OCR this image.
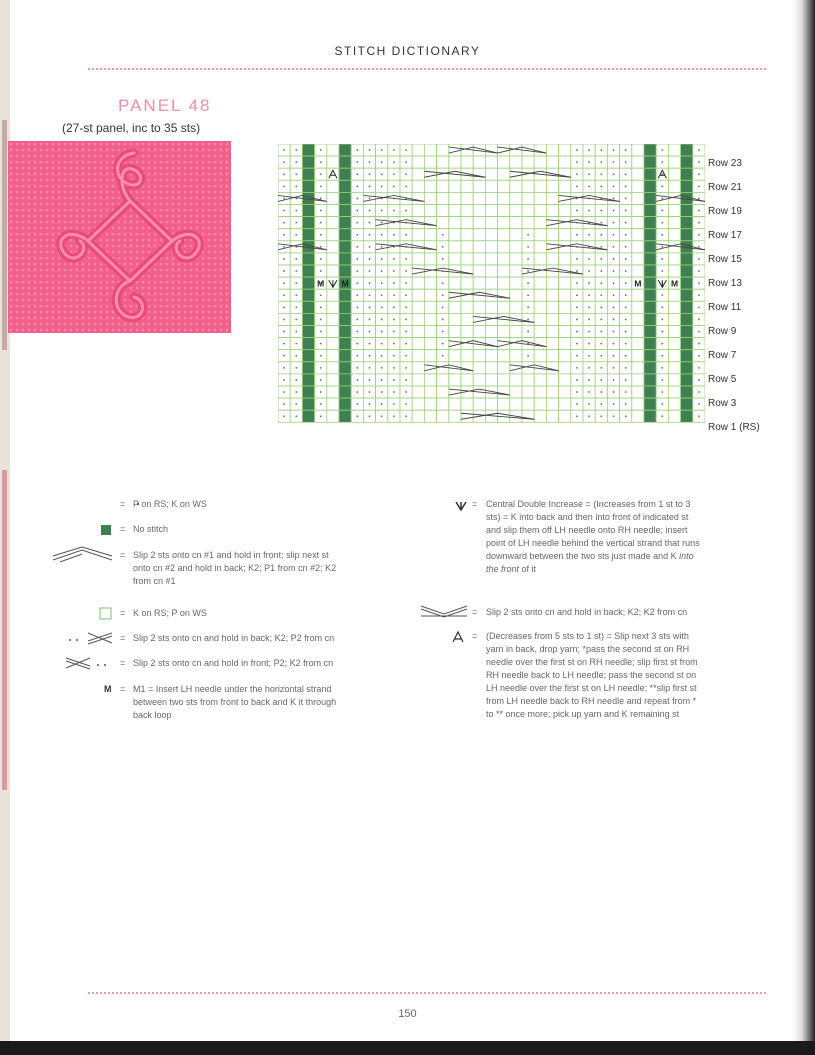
STITCH DICTIONARY
PANEL 48
(27-st panel, inc to 35 sts)
M M	M	M
Row 23
Row 21
Row 19
Row 17
Row 15
Row 13
Row 11
Row 9
Row 7
Row 5
Row 3
Row 1 (RS)
= P on RS; K on WS
= No stitch
= Slip 2 sts onto cn #1 and hold in front; slip next st
onto cn #2 and hold in back; K2; P1 from cn #2; K2
from cn #1
= K on RS; P on WS
= Slip 2 sts onto cn and hold in back; K2; P2 from cn
= Slip 2 sts onto cn and hold in front; P2; K2 from cn
M = M1 = Insert LH needle under the horizontal strand
between two sts from front to back and K it through
back loop
= Central Double Increase = (Increases from 1 st to 3
sts) = K into back and then into front of indicated st
and slip them off LH needle onto RH needle; insert
point of LH needle behind the vertical strand that runs
downward between the two sts just made and K into
the front of it
= Slip 2 sts onto cn and hold in back; K2; K2 from cn
= (Decreases from 5 sts to 1 st) = Slip next 3 sts with
yarn in back, drop yarn; *pass the second st on RH
needle over the first st on RH needle; slip first st from
RH needle back to LH needle; pass the second st on
LH needle over the first st on LH needle; **slip first st
from LH needle back to RH needle and repeat from *
to ** once more; pick up yarn and K remaining st
150
